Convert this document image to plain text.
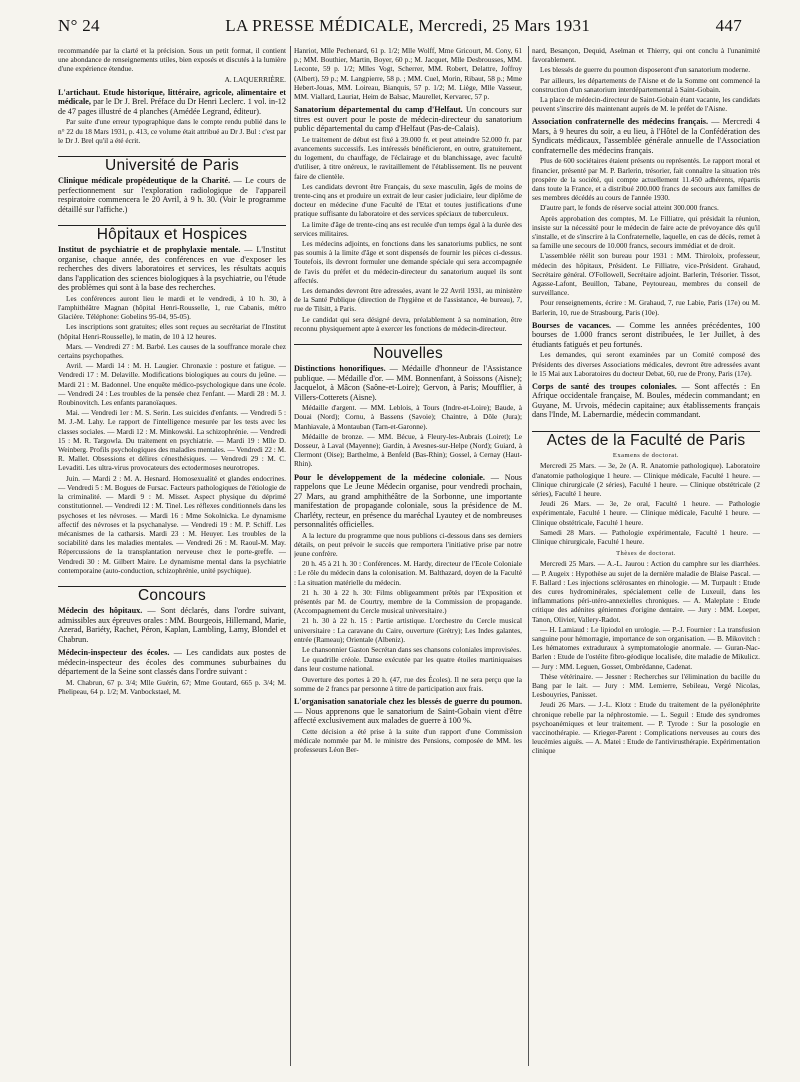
N° 24	LA PRESSE MÉDICALE, Mercredi, 25 Mars 1931	447

recommandée par la clarté et la précision. Sous un petit format, il contient une abondance de renseignements utiles, bien exposés et discutés à la lumière d'une expérience étendue.

A. LAQUERRIÈRE.
L'artichaut. Etude historique, littéraire, agricole, alimentaire et médicale, par le Dr J. Brel. Préface du Dr Henri Leclerc. 1 vol. in-12 de 47 pages illustré de 4 planches (Amédée Legrand, éditeur).

Par suite d'une erreur typographique dans le compte rendu publié dans le n° 22 du 18 Mars 1931, p. 413, ce volume était attribué au Dr J. Bul : c'est par le Dr J. Brel qu'il a été écrit.

Université de Paris
Clinique médicale propédeutique de la Charité. — Le cours de perfectionnement sur l'exploration radiologique de l'appareil respiratoire commencera le 20 Avril, à 9 h. 30. (Voir le programme détaillé sur l'affiche.)
Hôpitaux et Hospices
Institut de psychiatrie et de prophylaxie mentale. — L'Institut organise, chaque année, des conférences en vue d'exposer les recherches des divers laboratoires et services, les résultats acquis dans l'application des sciences biologiques à la psychiatrie, ou l'étude des problèmes qui sont à la base des recherches.

Les conférences auront lieu le mardi et le vendredi, à 10 h. 30, à l'amphithéâtre Magnan (hôpital Henri-Rousselle, 1, rue Cabanis, métro Glacière. Téléphone: Gobelins 95-04, 95-05).

Les inscriptions sont gratuites; elles sont reçues au secrétariat de l'Institut (hôpital Henri-Rousselle), le matin, de 10 à 12 heures.

Mars. — Vendredi 27 : M. Barbé. Les causes de la souffrance morale chez certains psychopathes.

Avril. — Mardi 14 : M. H. Laugier. Chronaxie : posture et fatigue. — Vendredi 17 : M. Delaville. Modifications biologiques au cours du jeûne. — Mardi 21 : M. Badonnel. Une enquête médico-psychologique dans une école. — Vendredi 24 : Les troubles de la pensée chez l'enfant. — Mardi 28 : M. J. Roubinovitch. Les enfants paranoïaques.

Mai. — Vendredi 1er : M. S. Serin. Les suicides d'enfants. — Vendredi 5 : M. J.-M. Lahy. Le rapport de l'intelligence mesurée par les tests avec les classes sociales. — Mardi 12 : M. Minkowski. La schizophrénie. — Vendredi 15 : M. R. Targowla. Du traitement en psychiatrie. — Mardi 19 : Mlle D. Weinberg. Profils psychologiques des maladies mentales. — Vendredi 22 : M. R. Mallet. Obsessions et délires cénesthésiques. — Vendredi 29 : M. C. Levaditi. Les ultra-virus provocateurs des ectodermoses neurotropes.

Juin. — Mardi 2 : M. A. Hesnard. Homosexualité et glandes endocrines. — Vendredi 5 : M. Bogues de Fursac. Facteurs pathologiques de l'étiologie de la criminalité. — Mardi 9 : M. Misset. Aspect physique du déprimé constitutionnel. — Vendredi 12 : M. Tinel. Les réflexes conditionnels dans les psychoses et les névroses. — Mardi 16 : Mme Sokolnicka. Le dynamisme affectif des névroses et la psychanalyse. — Vendredi 19 : M. P. Schiff. Les mécanismes de la catharsis. Mardi 23 : M. Heuyer. Les troubles de la sociabilité dans les maladies mentales. — Vendredi 26 : M. Raoul-M. May. Répercussions de la transplantation nerveuse chez le porte-greffe. — Vendredi 30 : M. Gilbert Maire. Le dynamisme mental dans la psychiatrie contemporaine (auto-conduction, schizophrénie, unité psychique).

Concours
Médecin des hôpitaux. — Sont déclarés, dans l'ordre suivant, admissibles aux épreuves orales : MM. Bourgeois, Hillemand, Marie, Azerad, Bariéty, Rachet, Péron, Kaplan, Lambling, Lamy, Blondel et Chabrun.
Médecin-inspecteur des écoles. — Les candidats aux postes de médecin-inspecteur des écoles des communes suburbaines du département de la Seine sont classés dans l'ordre suivant :

M. Chabrun, 67 p. 3/4; Mlle Guérin, 67; Mme Goutard, 665 p. 3/4; M. Phelipeau, 64 p. 1/2; M. Vanbockstael, M.

Hanriot, Mlle Pechenard, 61 p. 1/2; Mlle Wolff, Mme Gricourt, M. Cony, 61 p.; MM. Bouthier, Martin, Boyer, 60 p.; M. Jacquet, Mlle Desbrousses, MM. Leconte, 59 p. 1/2; Mlles Vogt, Scherrer, MM. Robert, Delattre, Joffroy (Albert), 59 p.; M. Langpierre, 58 p. ; MM. Cuel, Morin, Ribaut, 58 p.; Mme Hebert-Jouas, MM. Loireau, Bianquis, 57 p. 1/2; M. Liège, Mlle Vasseur, MM. Viallard, Lauriat, Heim de Balsac, Maurellet, Kervarec, 57 p.

Sanatorium départemental du camp d'Helfaut. Un concours sur titres est ouvert pour le poste de médecin-directeur du sanatorium public départemental du camp d'Helfaut (Pas-de-Calais).

Le traitement de début est fixé à 39.000 fr. et peut atteindre 52.000 fr. par avancements successifs. Les intéressés bénéficieront, en outre, gratuitement, du logement, du chauffage, de l'éclairage et du blanchissage, avec faculté d'utiliser, à titre onéreux, le ravitaillement de l'établissement. Ils ne peuvent faire de clientèle.

Les candidats devront être Français, du sexe masculin, âgés de moins de trente-cinq ans et produire un extrait de leur casier judiciaire, leur diplôme de docteur en médecine d'une Faculté de l'Etat et toutes justifications d'une pratique suffisante du laboratoire et des services spéciaux de tuberculeux.

La limite d'âge de trente-cinq ans est reculée d'un temps égal à la durée des services militaires.

Les médecins adjoints, en fonctions dans les sanatoriums publics, ne sont pas soumis à la limite d'âge et sont dispensés de fournir les pièces ci-dessus. Toutefois, ils devront formuler une demande spéciale qui sera accompagnée de l'avis du préfet et du médecin-directeur du sanatorium auquel ils sont affectés.

Les demandes devront être adressées, avant le 22 Avril 1931, au ministère de la Santé Publique (direction de l'hygiène et de l'assistance, 4e bureau), 7, rue de Tilsitt, à Paris.

Le candidat qui sera désigné devra, préalablement à sa nomination, être reconnu physiquement apte à exercer les fonctions de médecin-directeur.

Nouvelles
Distinctions honorifiques. — Médaille d'honneur de l'Assistance publique. — Médaille d'or. — MM. Bonnenfant, à Soissons (Aisne); Jacquelot, à Mâcon (Saône-et-Loire); Gervon, à Paris; Moufflier, à Villers-Cotterets (Aisne).

Médaille d'argent. — MM. Leblois, à Tours (Indre-et-Loire); Baude, à Douai (Nord); Cornu, à Bassens (Savoie); Chaintre, à Dôle (Jura); Manhiavale, à Montauban (Tarn-et-Garonne).

Médaille de bronze. — MM. Bécue, à Fleury-les-Aubrais (Loiret); Le Dosseur, à Laval (Mayenne); Gardin, à Avesnes-sur-Helpe (Nord); Guiard, à Clermont (Oise); Barthelme, à Benfeld (Bas-Rhin); Gossel, à Cernay (Haut-Rhin).

Pour le développement de la médecine coloniale. — Nous rappelons que Le Jeune Médecin organise, pour vendredi prochain, 27 Mars, au grand amphithéâtre de la Sorbonne, une importante manifestation de propagande coloniale, sous la présidence de M. Charléty, recteur, en présence du maréchal Lyautey et de nombreuses personnalités officielles.

A la lecture du programme que nous publions ci-dessous dans ses derniers détails, on peut prévoir le succès que remportera l'initiative prise par notre jeune confrère.

20 h. 45 à 21 h. 30 : Conférences. M. Hardy, directeur de l'Ecole Coloniale : Le rôle du médecin dans la colonisation. M. Balthazard, doyen de la Faculté : La situation matérielle du médecin.

21 h. 30 à 22 h. 30: Films obligeamment prêtés par l'Exposition et présentés par M. de Courtry, membre de la Commission de propagande. (Accompagnement du Cercle musical universitaire.)

21 h. 30 à 22 h. 15 : Partie artistique. L'orchestre du Cercle musical universitaire : La caravane du Caire, ouverture (Grétry); Les Indes galantes, entrée (Rameau); Orientale (Albeniz).

Le chansonnier Gaston Secrétan dans ses chansons coloniales improvisées.

Le quadrille créole. Danse exécutée par les quatre étoiles martiniquaises dans leur costume national.

Ouverture des portes à 20 h. (47, rue des Écoles). Il ne sera perçu que la somme de 2 francs par personne à titre de participation aux frais.

L'organisation sanatoriale chez les blessés de guerre du poumon. — Nous apprenons que le sanatorium de Saint-Gobain vient d'être affecté exclusivement aux malades de guerre à 100 %.

Cette décision a été prise à la suite d'un rapport d'une Commission médicale nommée par M. le ministre des Pensions, composée de MM. les professeurs Léon Ber-

nard, Besançon, Dequid, Aselman et Thierry, qui ont conclu à l'unanimité favorablement.

Les blessés de guerre du poumon disposeront d'un sanatorium moderne.

Par ailleurs, les départements de l'Aisne et de la Somme ont commencé la construction d'un sanatorium interdépartemental à Saint-Gobain.

La place de médecin-directeur de Saint-Gobain étant vacante, les candidats peuvent s'inscrire dès maintenant auprès de M. le préfet de l'Aisne.

Association confraternelle des médecins français. — Mercredi 4 Mars, à 9 heures du soir, a eu lieu, à l'Hôtel de la Confédération des Syndicats médicaux, l'assemblée générale annuelle de l'Association confraternelle des médecins français.

Plus de 600 sociétaires étaient présents ou représentés. Le rapport moral et financier, présenté par M. P. Barlerin, trésorier, fait connaître la situation très prospère de la société, qui compte actuellement 11.450 adhérents, répartis dans toute la France, et a distribué 200.000 francs de secours aux familles de ses membres décédés au cours de l'année 1930.

D'autre part, le fonds de réserve social atteint 300.000 francs.

Après approbation des comptes, M. Le Filliatre, qui présidait la réunion, insiste sur la nécessité pour le médecin de faire acte de prévoyance dès qu'il s'installe, et de s'inscrire à la Confraternelle, laquelle, en cas de décès, remet à sa famille une secours de 10.000 francs, secours immédiat et de droit.

L'assemblée réélit son bureau pour 1931 : MM. Thiroloix, professeur, médecin des hôpitaux, Président. Le Filliatre, vice-Président. Grahaud, Secrétaire général. O'Followell, Secrétaire adjoint. Barlerin, Trésorier. Tissot, Agasse-Lafont, Beuillon, Tabane, Peytoureau, membres du conseil de surveillance.

Pour renseignements, écrire : M. Grahaud, 7, rue Labie, Paris (17e) ou M. Barlerin, 10, rue de Strasbourg, Paris (10e).

Bourses de vacances. — Comme les années précédentes, 100 bourses de 1.000 francs seront distribuées, le 1er Juillet, à des étudiants fatigués et peu fortunés.

Les demandes, qui seront examinées par un Comité composé des Présidents des diverses Associations médicales, devront être adressées avant le 15 Mai aux Laboratoires du docteur Debat, 60, rue de Prony, Paris (17e).

Corps de santé des troupes coloniales. — Sont affectés : En Afrique occidentale française, M. Boules, médecin commandant; en Guyane, M. Urvois, médecin capitaine; aux établissements français dans l'Inde, M. Labernardie, médecin commandant.
Actes de la Faculté de Paris
Examens de doctorat.

Mercredi 25 Mars. — 3e, 2e (A. R. Anatomie pathologique). Laboratoire d'anatomie pathologique 1 heure. — Clinique médicale, Faculté 1 heure. — Clinique chirurgicale (2 séries), Faculté 1 heure. — Clinique obstétricale (2 séries), Faculté 1 heure.

Jeudi 26 Mars. — 3e, 2e oral, Faculté 1 heure. — Pathologie expérimentale, Faculté 1 heure. — Clinique médicale, Faculté 1 heure. — Clinique obstétricale, Faculté 1 heure.

Samedi 28 Mars. — Pathologie expérimentale, Faculté 1 heure. — Clinique chirurgicale, Faculté 1 heure.

Thèses de doctorat.

Mercredi 25 Mars. — A.-L. Jaurou : Action du camphre sur les diarrhées. — P. Augeix : Hypothèse au sujet de la dernière maladie de Blaise Pascal. — F. Ballard : Les injections sclérosantes en rhinologie. — M. Turpault : Etude des cures hydrominérales, spécialement celle de Luxeuil, dans les inflammations péri-utéro-annexielles chroniques. — A. Maleplate : Etude critique des adénites géniennes d'origine dentaire. — Jury : MM. Loeper, Tanon, Olivier, Vallery-Radot.

— H. Lamiaud : Le lipiodol en urologie. — P.-J. Fournier : La transfusion sanguine pour hémorragie, importance de son organisation. — B. Mikovitch : Les hématomes extraduraux à symptomatologie anormale. — Guran-Nac-Barlen : Etude de l'ostéite fibro-géodique localisée, dite maladie de Mikulicz. — Jury : MM. Leguen, Gosset, Ombrédanne, Cadenat.

Thèse vétérinaire. — Jessner : Recherches sur l'élimination du bacille du Bang par le lait. — Jury : MM. Lemierre, Sebileau, Vergé Nicolas, Lesbouyries, Panisset.

Jeudi 26 Mars. — J.-L. Klotz : Etude du traitement de la pyélonéphrite chronique rebelle par la néphrostomie. — L. Seguil : Etude des syndromes psychoanémiques et leur traitement. — P. Tyrode : Sur la posologie en vaccinothérapie. — Krieger-Parent : Complications nerveuses au cours des leucémies aiguës. — A. Matei : Etude de l'antivirusthérapie. Expérimentation clinique
